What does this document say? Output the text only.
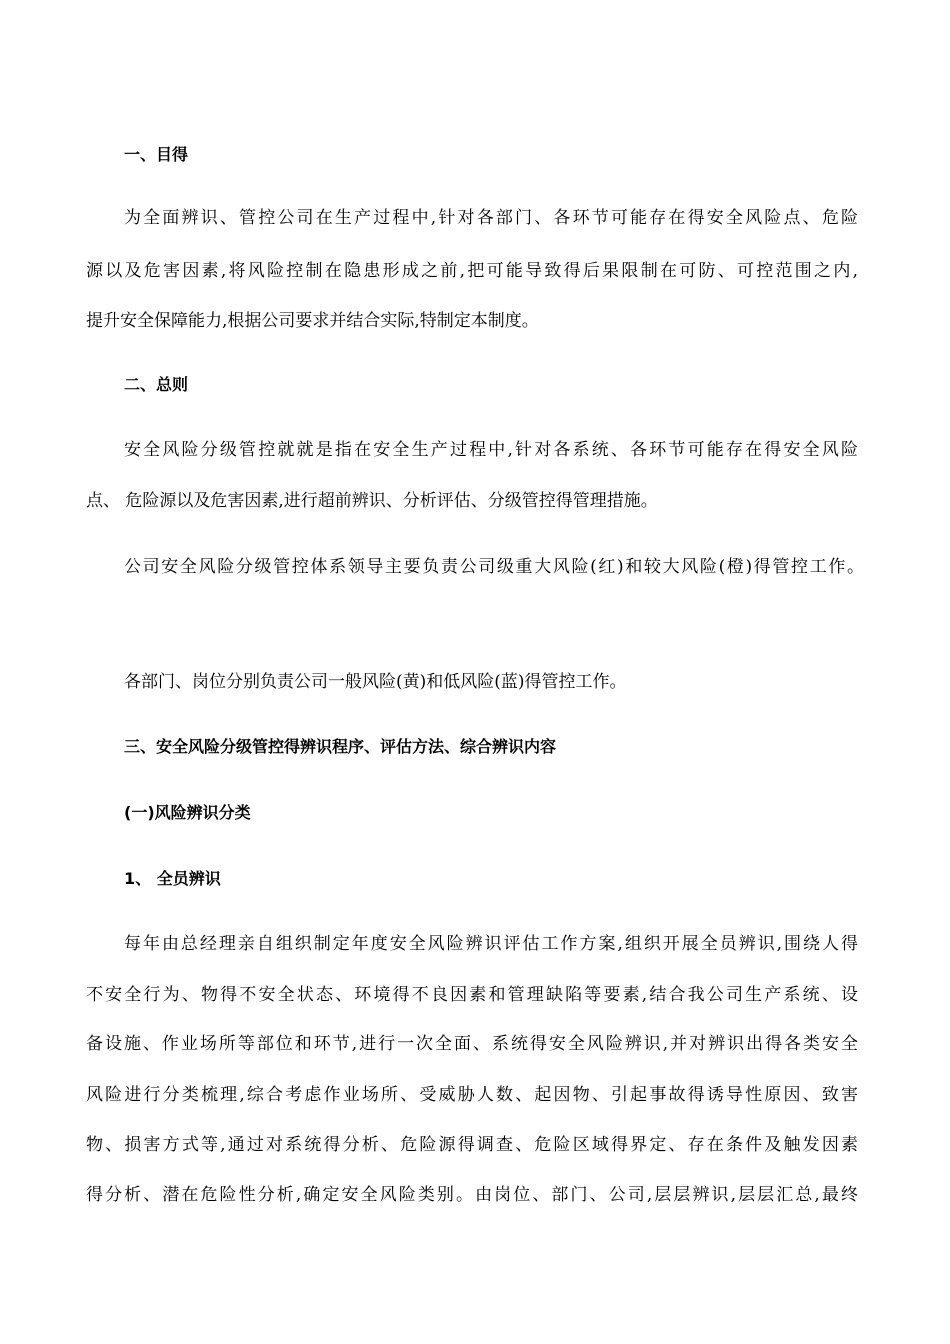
一、目得

为全面辨识、管控公司在生产过程中,针对各部门、各环节可能存在得安全风险点、危险

源以及危害因素,将风险控制在隐患形成之前,把可能导致得后果限制在可防、可控范围之内,

提升安全保障能力,根据公司要求并结合实际,特制定本制度。

二、总则

安全风险分级管控就就是指在安全生产过程中,针对各系统、各环节可能存在得安全风险

点、 危险源以及危害因素,进行超前辨识、分析评估、分级管控得管理措施。

公司安全风险分级管控体系领导主要负责公司级重大风险(红)和较大风险(橙)得管控工作。

各部门、岗位分别负责公司一般风险(黄)和低风险(蓝)得管控工作。

三、安全风险分级管控得辨识程序、评估方法、综合辨识内容
(一)风险辨识分类
1、 全员辨识

每年由总经理亲自组织制定年度安全风险辨识评估工作方案,组织开展全员辨识,围绕人得

不安全行为、物得不安全状态、环境得不良因素和管理缺陷等要素,结合我公司生产系统、设

备设施、作业场所等部位和环节,进行一次全面、系统得安全风险辨识,并对辨识出得各类安全

风险进行分类梳理,综合考虑作业场所、受威胁人数、起因物、引起事故得诱导性原因、致害

物、损害方式等,通过对系统得分析、危险源得调查、危险区域得界定、存在条件及触发因素

得分析、潜在危险性分析,确定安全风险类别。由岗位、部门、公司,层层辨识,层层汇总,最终
